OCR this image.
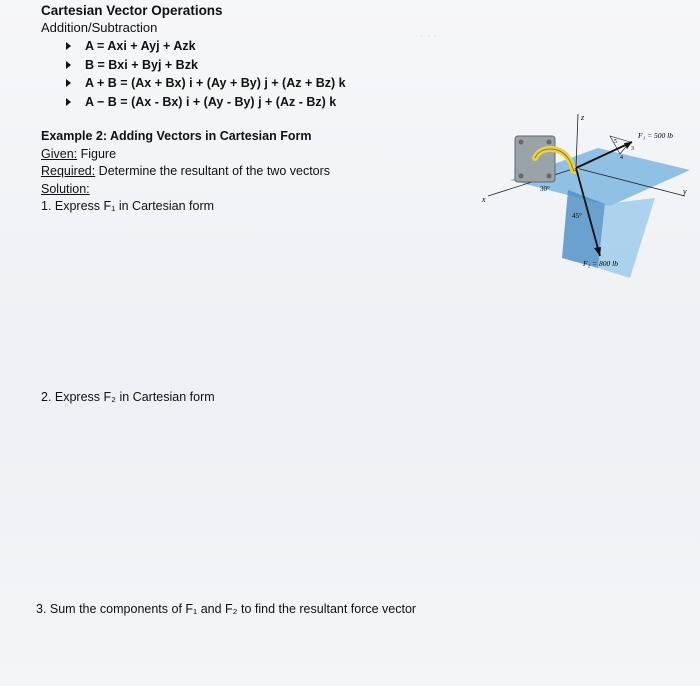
· · ·
Cartesian Vector Operations
Addition/Subtraction
A = Axi + Ayj + Azk
B = Bxi + Byj + Bzk
A + B = (Ax + Bx) i + (Ay + By) j + (Az + Bz) k
A − B = (Ax - Bx) i + (Ay - By) j + (Az - Bz) k
Example 2: Adding Vectors in Cartesian Form
Given: Figure
Required: Determine the resultant of the two vectors
Solution:
1. Express F₁ in Cartesian form
2. Express F₂ in Cartesian form
3. Sum the components of F₁ and F₂ to find the resultant force vector
z
y
x
5
4
3
30°
45°
F₁ = 500 lb
F₂ = 800 lb
